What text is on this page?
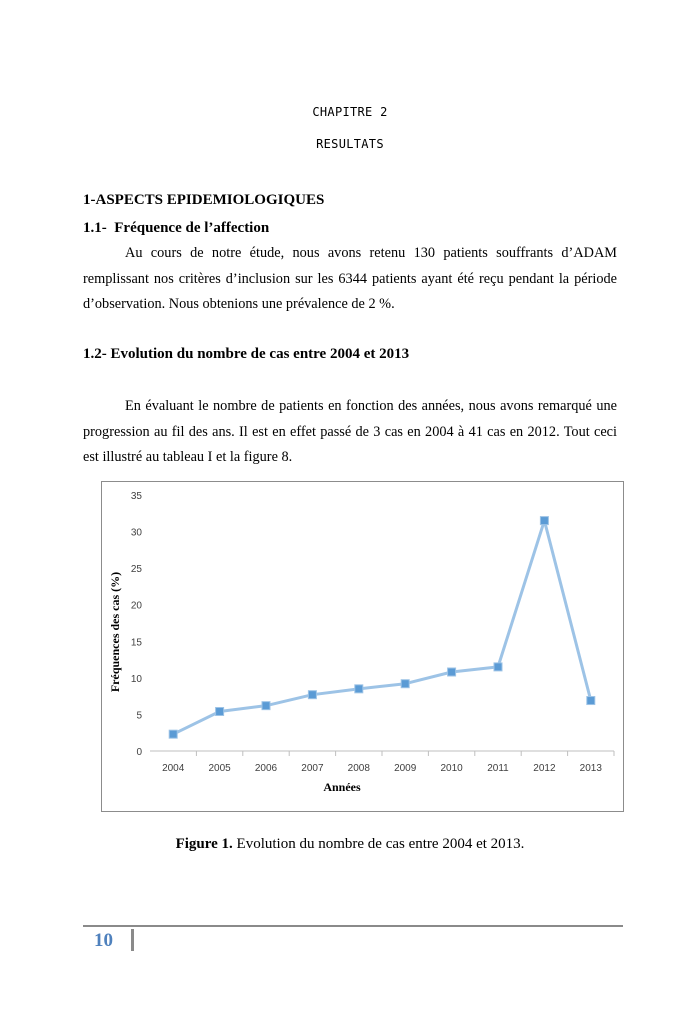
CHAPITRE 2
RESULTATS
1-ASPECTS EPIDEMIOLOGIQUES
1.1-  Fréquence de l’affection

Au cours de notre étude, nous avons retenu 130 patients souffrants d’ADAM remplissant nos critères d’inclusion sur les 6344 patients ayant été reçu pendant la période d’observation. Nous obtenions une prévalence de 2 %.

1.2- Evolution du nombre de cas entre 2004 et 2013

En évaluant le nombre de patients en fonction des années, nous avons remarqué une progression au fil des ans. Il est en effet passé de 3 cas en 2004 à 41 cas en 2012. Tout ceci est illustré au tableau I et la figure 8.

Fréquences des cas (%)
Années
0
5
10
15
20
25
30
35
2004 2005 2006 2007 2008 2009 2010 2011 2012 2013
Figure 1. Evolution du nombre de cas entre 2004 et 2013.
10
